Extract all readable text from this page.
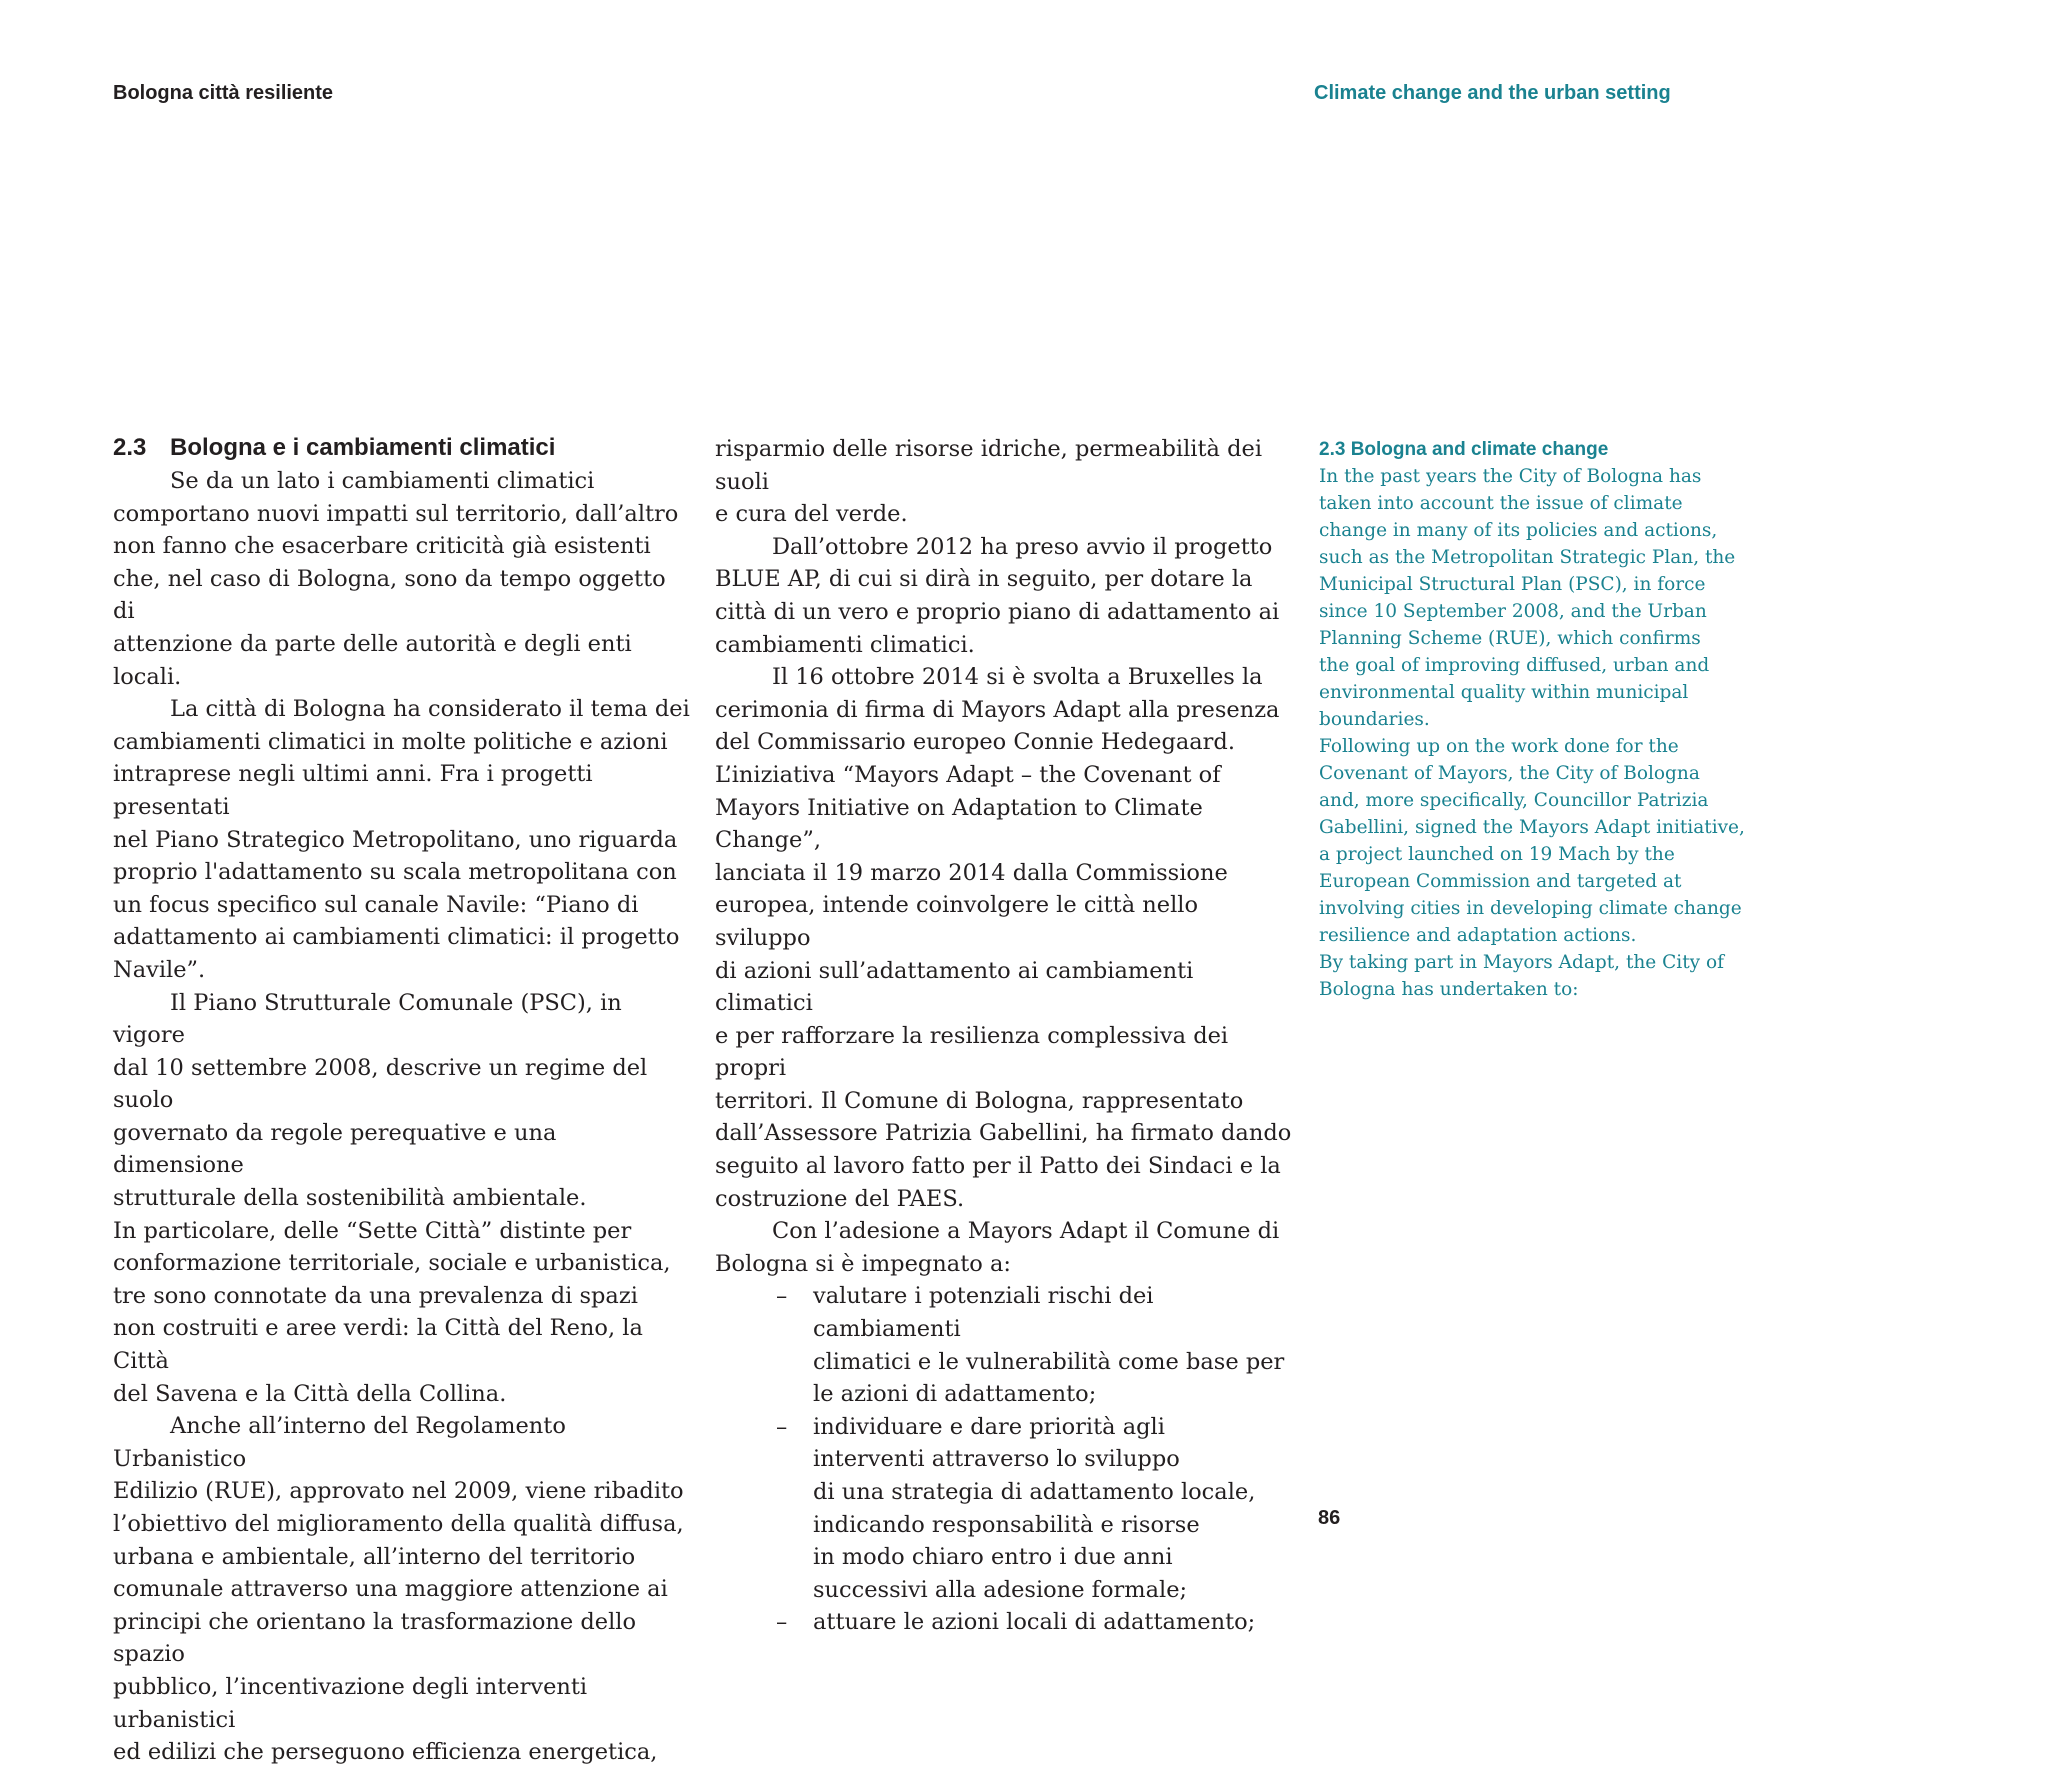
Bologna città resiliente	Climate change and the urban setting
2.3 Bologna e i cambiamenti climatici

Se da un lato i cambiamenti climatici
comportano nuovi impatti sul territorio, dall’altro
non fanno che esacerbare criticità già esistenti
che, nel caso di Bologna, sono da tempo oggetto di
attenzione da parte delle autorità e degli enti locali.

La città di Bologna ha considerato il tema dei
cambiamenti climatici in molte politiche e azioni
intraprese negli ultimi anni. Fra i progetti presentati
nel Piano Strategico Metropolitano, uno riguarda
proprio l'adattamento su scala metropolitana con
un focus specifico sul canale Navile: “Piano di
adattamento ai cambiamenti climatici: il progetto
Navile”.

Il Piano Strutturale Comunale (PSC), in vigore
dal 10 settembre 2008, descrive un regime del suolo
governato da regole perequative e una dimensione
strutturale della sostenibilità ambientale.

In particolare, delle “Sette Città” distinte per
conformazione territoriale, sociale e urbanistica,
tre sono connotate da una prevalenza di spazi
non costruiti e aree verdi: la Città del Reno, la Città
del Savena e la Città della Collina.

Anche all’interno del Regolamento Urbanistico
Edilizio (RUE), approvato nel 2009, viene ribadito
l’obiettivo del miglioramento della qualità diffusa,
urbana e ambientale, all’interno del territorio
comunale attraverso una maggiore attenzione ai
principi che orientano la trasformazione dello spazio
pubblico, l’incentivazione degli interventi urbanistici
ed edilizi che perseguono efficienza energetica,

risparmio delle risorse idriche, permeabilità dei suoli
e cura del verde.

Dall’ottobre 2012 ha preso avvio il progetto
BLUE AP, di cui si dirà in seguito, per dotare la
città di un vero e proprio piano di adattamento ai
cambiamenti climatici.

Il 16 ottobre 2014 si è svolta a Bruxelles la
cerimonia di firma di Mayors Adapt alla presenza
del Commissario europeo Connie Hedegaard.
L’iniziativa “Mayors Adapt – the Covenant of
Mayors Initiative on Adaptation to Climate Change”,
lanciata il 19 marzo 2014 dalla Commissione
europea, intende coinvolgere le città nello sviluppo
di azioni sull’adattamento ai cambiamenti climatici
e per rafforzare la resilienza complessiva dei propri
territori. Il Comune di Bologna, rappresentato
dall’Assessore Patrizia Gabellini, ha firmato dando
seguito al lavoro fatto per il Patto dei Sindaci e la
costruzione del PAES.

Con l’adesione a Mayors Adapt il Comune di
Bologna si è impegnato a:

– valutare i potenziali rischi dei cambiamenti
climatici e le vulnerabilità come base per
le azioni di adattamento;
– individuare e dare priorità agli
interventi attraverso lo sviluppo
di una strategia di adattamento locale,
indicando responsabilità e risorse
in modo chiaro entro i due anni
successivi alla adesione formale;
– attuare le azioni locali di adattamento;
2.3 Bologna and climate change

In the past years the City of Bologna has
taken into account the issue of climate
change in many of its policies and actions,
such as the Metropolitan Strategic Plan, the
Municipal Structural Plan (PSC), in force
since 10 September 2008, and the Urban
Planning Scheme (RUE), which confirms
the goal of improving diffused, urban and
environmental quality within municipal
boundaries.

Following up on the work done for the
Covenant of Mayors, the City of Bologna
and, more specifically, Councillor Patrizia
Gabellini, signed the Mayors Adapt initiative,
a project launched on 19 Mach by the
European Commission and targeted at
involving cities in developing climate change
resilience and adaptation actions.

By taking part in Mayors Adapt, the City of
Bologna has undertaken to:

86
